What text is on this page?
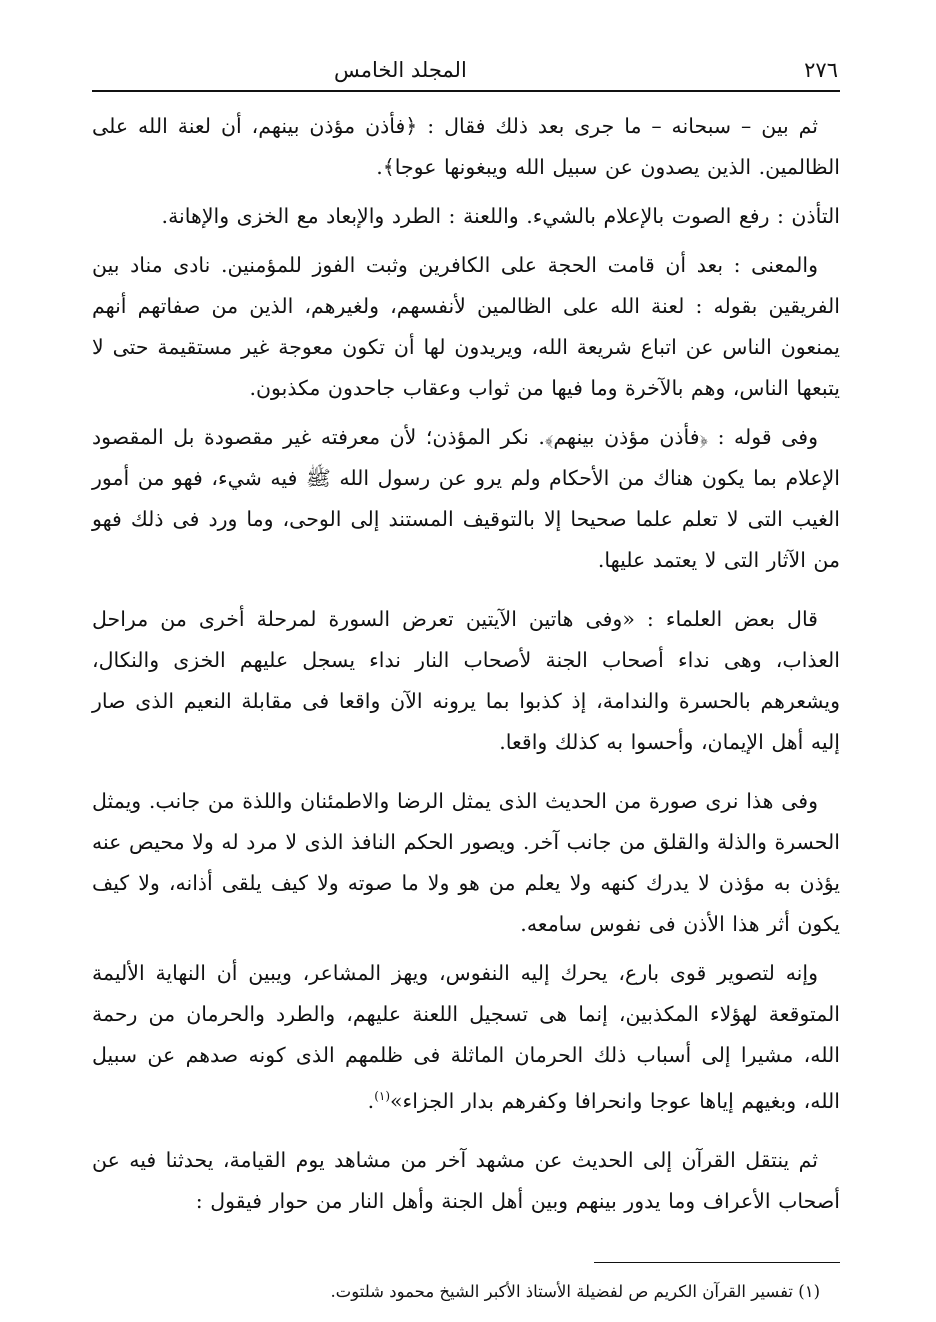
٢٧٦
المجلد الخامس

ثم بين – سبحانه – ما جرى بعد ذلك فقال : ﴿فأذن مؤذن بينهم، أن لعنة الله على الظالمين. الذين يصدون عن سبيل الله ويبغونها عوجا﴾.

التأذن : رفع الصوت بالإعلام بالشيء. واللعنة : الطرد والإبعاد مع الخزى والإهانة.

والمعنى : بعد أن قامت الحجة على الكافرين وثبت الفوز للمؤمنين. نادى مناد بين الفريقين بقوله : لعنة الله على الظالمين لأنفسهم، ولغيرهم، الذين من صفاتهم أنهم يمنعون الناس عن اتباع شريعة الله، ويريدون لها أن تكون معوجة غير مستقيمة حتى لا يتبعها الناس، وهم بالآخرة وما فيها من ثواب وعقاب جاحدون مكذبون.

وفى قوله : ﴿فأذن مؤذن بينهم﴾. نكر المؤذن؛ لأن معرفته غير مقصودة بل المقصود الإعلام بما يكون هناك من الأحكام ولم يرو عن رسول الله ﷺ فيه شيء، فهو من أمور الغيب التى لا تعلم علما صحيحا إلا بالتوقيف المستند إلى الوحى، وما ورد فى ذلك فهو من الآثار التى لا يعتمد عليها.

قال بعض العلماء : «وفى هاتين الآيتين تعرض السورة لمرحلة أخرى من مراحل العذاب، وهى نداء أصحاب الجنة لأصحاب النار نداء يسجل عليهم الخزى والنكال، ويشعرهم بالحسرة والندامة، إذ كذبوا بما يرونه الآن واقعا فى مقابلة النعيم الذى صار إليه أهل الإيمان، وأحسوا به كذلك واقعا.

وفى هذا نرى صورة من الحديث الذى يمثل الرضا والاطمئنان واللذة من جانب. ويمثل الحسرة والذلة والقلق من جانب آخر. ويصور الحكم النافذ الذى لا مرد له ولا محيص عنه يؤذن به مؤذن لا يدرك كنهه ولا يعلم من هو ولا ما صوته ولا كيف يلقى أذانه، ولا كيف يكون أثر هذا الأذن فى نفوس سامعه.

وإنه لتصوير قوى بارع، يحرك إليه النفوس، ويهز المشاعر، ويبين أن النهاية الأليمة المتوقعة لهؤلاء المكذبين، إنما هى تسجيل اللعنة عليهم، والطرد والحرمان من رحمة الله، مشيرا إلى أسباب ذلك الحرمان الماثلة فى ظلمهم الذى كونه صدهم عن سبيل الله، وبغيهم إياها عوجا وانحرافا وكفرهم بدار الجزاء»$^{(١)}$.

ثم ينتقل القرآن إلى الحديث عن مشهد آخر من مشاهد يوم القيامة، يحدثنا فيه عن أصحاب الأعراف وما يدور بينهم وبين أهل الجنة وأهل النار من حوار فيقول :

(١) تفسير القرآن الكريم ص لفضيلة الأستاذ الأكبر الشيخ محمود شلتوت.
